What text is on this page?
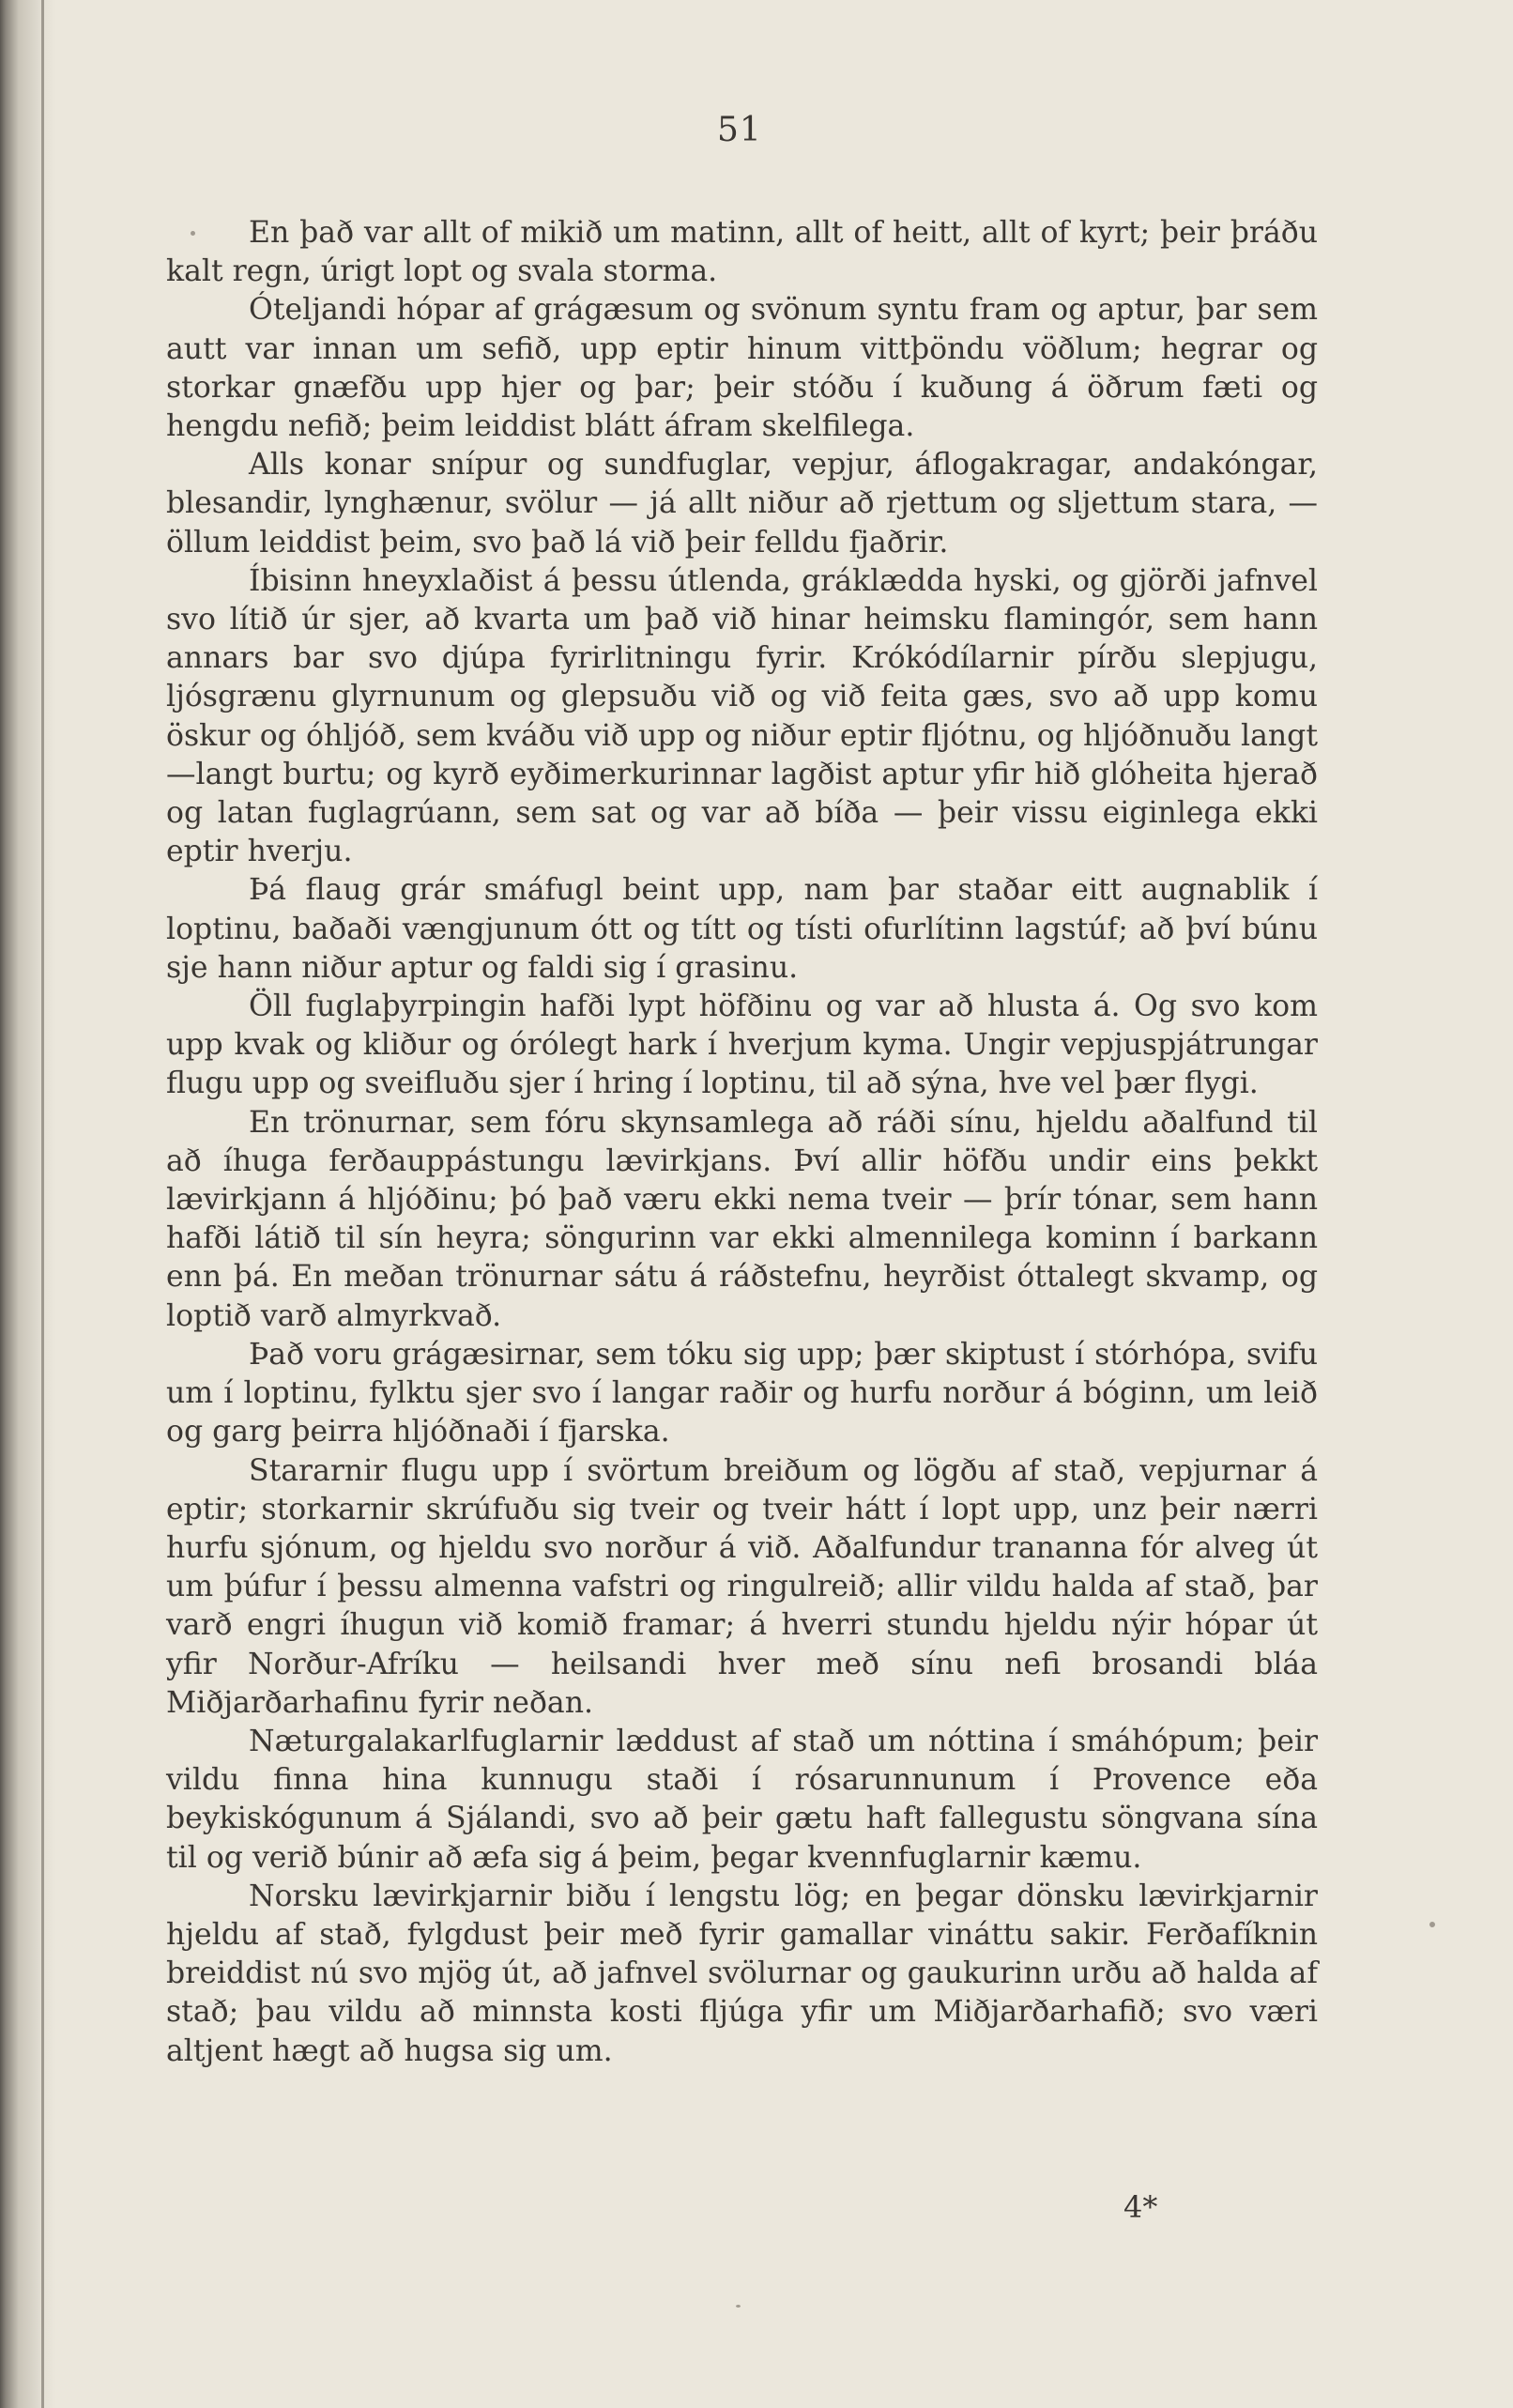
51

En það var allt of mikið um matinn, allt of heitt, allt of kyrt; þeir þráðu kalt regn, úrigt lopt og svala storma.

Óteljandi hópar af grágæsum og svönum syntu fram og aptur, þar sem autt var innan um sefið, upp eptir hinum vittþöndu vöðlum; hegrar og storkar gnæfðu upp hjer og þar; þeir stóðu í kuðung á öðrum fæti og hengdu nefið; þeim leiddist blátt áfram skelfilega.

Alls konar snípur og sundfuglar, vepjur, áflogakragar, andakóngar, blesandir, lynghænur, svölur — já allt niður að rjettum og sljettum stara, — öllum leiddist þeim, svo það lá við þeir felldu fjaðrir.

Íbisinn hneyxlaðist á þessu útlenda, gráklædda hyski, og gjörði jafnvel svo lítið úr sjer, að kvarta um það við hinar heimsku flamingór, sem hann annars bar svo djúpa fyrirlitningu fyrir. Krókódílarnir pírðu slepjugu, ljósgrænu glyrnunum og glepsuðu við og við feita gæs, svo að upp komu öskur og óhljóð, sem kváðu við upp og niður eptir fljótnu, og hljóðnuðu langt—langt burtu; og kyrð eyðimerkurinnar lagðist aptur yfir hið glóheita hjerað og latan fuglagrúann, sem sat og var að bíða — þeir vissu eiginlega ekki eptir hverju.

Þá flaug grár smáfugl beint upp, nam þar staðar eitt augnablik í loptinu, baðaði vængjunum ótt og títt og tísti ofurlítinn lagstúf; að því búnu sje hann niður aptur og faldi sig í grasinu.

Öll fuglaþyrpingin hafði lypt höfðinu og var að hlusta á. Og svo kom upp kvak og kliður og órólegt hark í hverjum kyma. Ungir vepjuspjátrungar flugu upp og sveifluðu sjer í hring í loptinu, til að sýna, hve vel þær flygi.

En trönurnar, sem fóru skynsamlega að ráði sínu, hjeldu aðalfund til að íhuga ferðauppástungu lævirkjans. Því allir höfðu undir eins þekkt lævirkjann á hljóðinu; þó það væru ekki nema tveir — þrír tónar, sem hann hafði látið til sín heyra; söngurinn var ekki almennilega kominn í barkann enn þá. En meðan trönurnar sátu á ráðstefnu, heyrðist óttalegt skvamp, og loptið varð almyrkvað.

Það voru grágæsirnar, sem tóku sig upp; þær skiptust í stórhópa, svifu um í loptinu, fylktu sjer svo í langar raðir og hurfu norður á bóginn, um leið og garg þeirra hljóðnaði í fjarska.

Stararnir flugu upp í svörtum breiðum og lögðu af stað, vepjurnar á eptir; storkarnir skrúfuðu sig tveir og tveir hátt í lopt upp, unz þeir nærri hurfu sjónum, og hjeldu svo norður á við. Aðalfundur trananna fór alveg út um þúfur í þessu almenna vafstri og ringulreið; allir vildu halda af stað, þar varð engri íhugun við komið framar; á hverri stundu hjeldu nýir hópar út yfir Norður-Afríku — heilsandi hver með sínu nefi brosandi bláa Miðjarðarhafinu fyrir neðan.

Næturgalakarlfuglarnir læddust af stað um nóttina í smáhópum; þeir vildu finna hina kunnugu staði í rósarunnunum í Provence eða beykiskógunum á Sjálandi, svo að þeir gætu haft fallegustu söngvana sína til og verið búnir að æfa sig á þeim, þegar kvennfuglarnir kæmu.

Norsku lævirkjarnir biðu í lengstu lög; en þegar dönsku lævirkjarnir hjeldu af stað, fylgdust þeir með fyrir gamallar vináttu sakir. Ferðafíknin breiddist nú svo mjög út, að jafnvel svölurnar og gaukurinn urðu að halda af stað; þau vildu að minnsta kosti fljúga yfir um Miðjarðarhafið; svo væri altjent hægt að hugsa sig um.

4*
